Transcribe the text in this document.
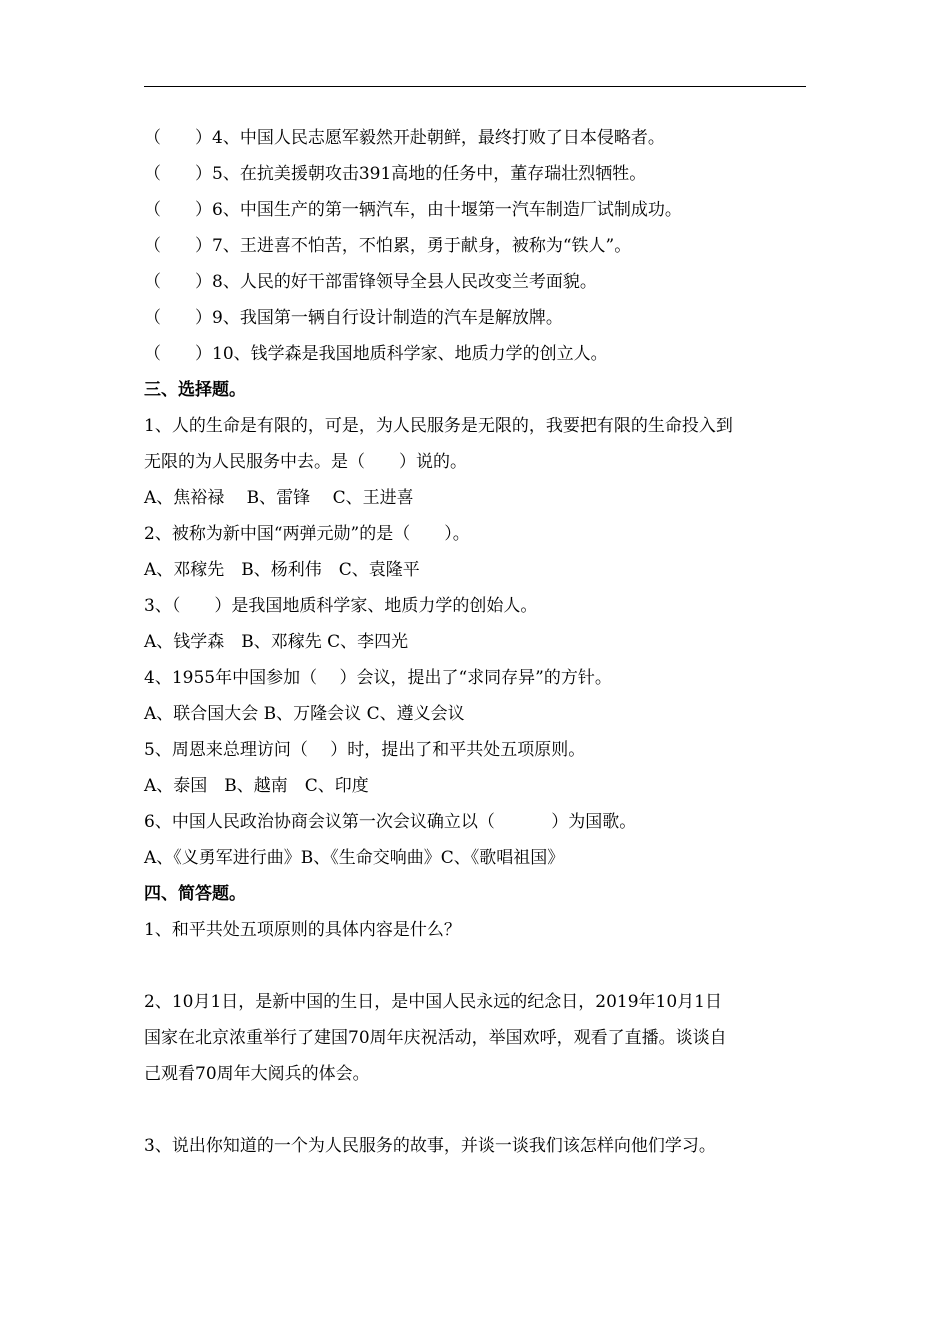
（　　）4、中国人民志愿军毅然开赴朝鲜，最终打败了日本侵略者。
（　　）5、在抗美援朝攻击391高地的任务中，董存瑞壮烈牺牲。
（　　）6、中国生产的第一辆汽车，由十堰第一汽车制造厂试制成功。
（　　）7、王进喜不怕苦，不怕累，勇于献身，被称为“铁人”。
（　　）8、人民的好干部雷锋领导全县人民改变兰考面貌。
（　　）9、我国第一辆自行设计制造的汽车是解放牌。
（　　）10、钱学森是我国地质科学家、地质力学的创立人。
三、选择题。
1、人的生命是有限的，可是，为人民服务是无限的，我要把有限的生命投入到
无限的为人民服务中去。是（　　）说的。
A、焦裕禄　 B、雷锋　 C、王进喜
2、被称为新中国“两弹元勋”的是（　　）。
A、邓稼先　B、杨利伟　C、袁隆平
3、（　　）是我国地质科学家、地质力学的创始人。
A、钱学森　B、邓稼先 C、李四光
4、1955年中国参加（　 ）会议，提出了“求同存异”的方针。
A、联合国大会 B、万隆会议 C、遵义会议
5、周恩来总理访问（　 ）时，提出了和平共处五项原则。
A、泰国　B、越南　C、印度
6、中国人民政治协商会议第一次会议确立以（　　　 ）为国歌。
A、《义勇军进行曲》B、《生命交响曲》C、《歌唱祖国》
四、简答题。
1、和平共处五项原则的具体内容是什么？
2、10月1日，是新中国的生日，是中国人民永远的纪念日，2019年10月1日
国家在北京浓重举行了建国70周年庆祝活动，举国欢呼，观看了直播。谈谈自
己观看70周年大阅兵的体会。
3、说出你知道的一个为人民服务的故事，并谈一谈我们该怎样向他们学习。
